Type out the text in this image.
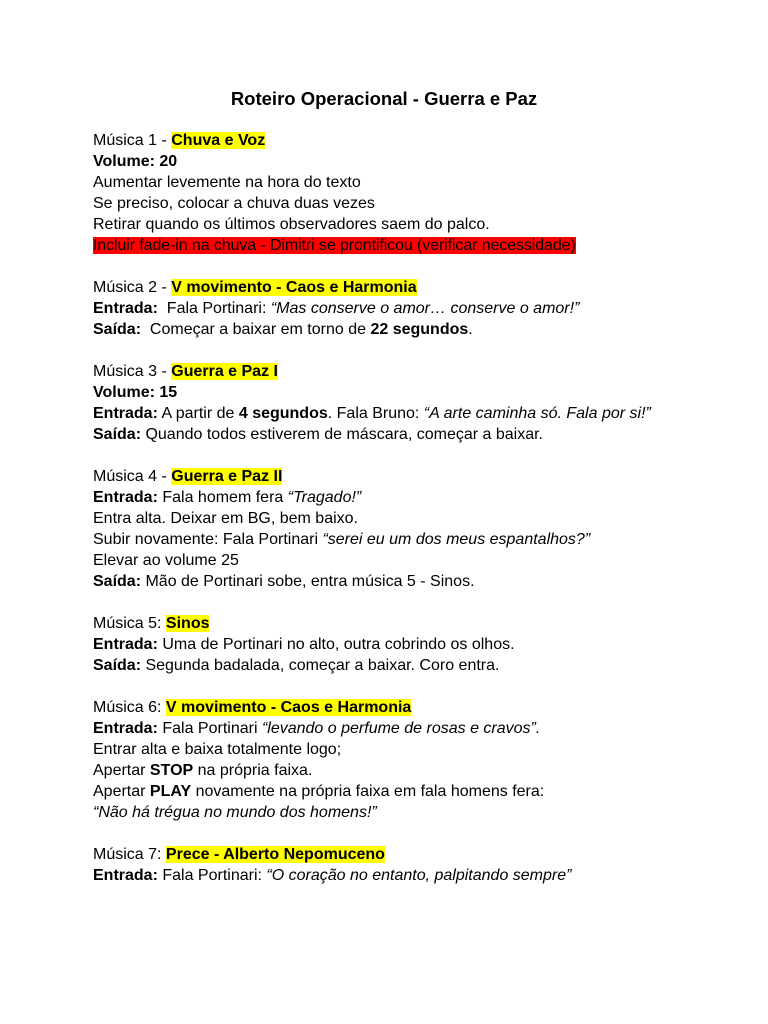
Roteiro Operacional - Guerra e Paz
Música 1 - Chuva e Voz
Volume: 20
Aumentar levemente na hora do texto
Se preciso, colocar a chuva duas vezes
Retirar quando os últimos observadores saem do palco.
Incluir fade-in na chuva - Dimitri se prontificou (verificar necessidade)
Música 2 - V movimento - Caos e Harmonia
Entrada:  Fala Portinari: “Mas conserve o amor… conserve o amor!”
Saída:  Começar a baixar em torno de 22 segundos.
Música 3 - Guerra e Paz I
Volume: 15
Entrada: A partir de 4 segundos. Fala Bruno: “A arte caminha só. Fala por si!”
Saída: Quando todos estiverem de máscara, começar a baixar.
Música 4 - Guerra e Paz II
Entrada: Fala homem fera “Tragado!”
Entra alta. Deixar em BG, bem baixo.
Subir novamente: Fala Portinari “serei eu um dos meus espantalhos?”
Elevar ao volume 25
Saída: Mão de Portinari sobe, entra música 5 - Sinos.
Música 5: Sinos
Entrada: Uma de Portinari no alto, outra cobrindo os olhos.
Saída: Segunda badalada, começar a baixar. Coro entra.
Música 6: V movimento - Caos e Harmonia
Entrada: Fala Portinari “levando o perfume de rosas e cravos”.
Entrar alta e baixa totalmente logo;
Apertar STOP na própria faixa.
Apertar PLAY novamente na própria faixa em fala homens fera:
“Não há trégua no mundo dos homens!”
Música 7: Prece - Alberto Nepomuceno
Entrada: Fala Portinari: “O coração no entanto, palpitando sempre”
